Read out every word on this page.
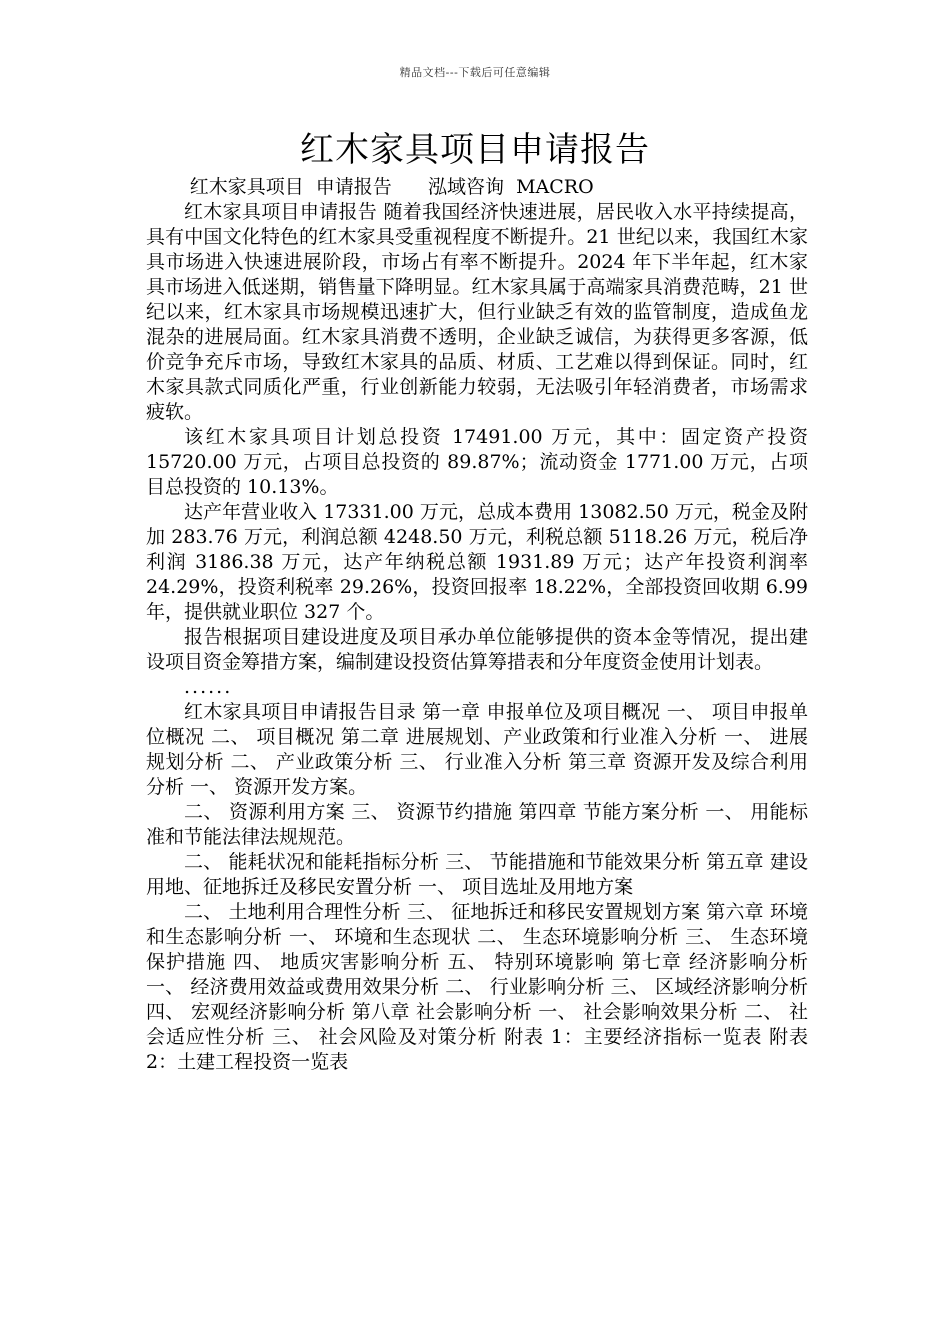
精品文档---下载后可任意编辑
红木家具项目申请报告

红木家具项目  申请报告      泓域咨询  MACRO

红木家具项目申请报告 随着我国经济快速进展，居民收入水平持续提高，具有中国文化特色的红木家具受重视程度不断提升。21 世纪以来，我国红木家具市场进入快速进展阶段，市场占有率不断提升。2024 年下半年起，红木家具市场进入低迷期，销售量下降明显。红木家具属于高端家具消费范畴，21 世纪以来，红木家具市场规模迅速扩大，但行业缺乏有效的监管制度，造成鱼龙混杂的进展局面。红木家具消费不透明，企业缺乏诚信，为获得更多客源，低价竞争充斥市场，导致红木家具的品质、材质、工艺难以得到保证。同时，红木家具款式同质化严重，行业创新能力较弱，无法吸引年轻消费者，市场需求疲软。

该红木家具项目计划总投资 17491.00 万元，其中：固定资产投资 15720.00 万元，占项目总投资的 89.87%；流动资金 1771.00 万元，占项目总投资的 10.13%。

达产年营业收入 17331.00 万元，总成本费用 13082.50 万元，税金及附加 283.76 万元，利润总额 4248.50 万元，利税总额 5118.26 万元，税后净利润 3186.38 万元，达产年纳税总额 1931.89 万元；达产年投资利润率 24.29%，投资利税率 29.26%，投资回报率 18.22%，全部投资回收期 6.99 年，提供就业职位 327 个。

报告根据项目建设进度及项目承办单位能够提供的资本金等情况，提出建设项目资金筹措方案，编制建设投资估算筹措表和分年度资金使用计划表。

......

红木家具项目申请报告目录 第一章 申报单位及项目概况 一、 项目申报单位概况 二、 项目概况 第二章 进展规划、产业政策和行业准入分析 一、 进展规划分析 二、 产业政策分析 三、 行业准入分析 第三章 资源开发及综合利用分析 一、 资源开发方案。

二、 资源利用方案 三、 资源节约措施 第四章 节能方案分析 一、 用能标准和节能法律法规规范。

二、 能耗状况和能耗指标分析 三、 节能措施和节能效果分析 第五章 建设用地、征地拆迁及移民安置分析 一、 项目选址及用地方案

二、 土地利用合理性分析 三、 征地拆迁和移民安置规划方案 第六章 环境和生态影响分析 一、 环境和生态现状 二、 生态环境影响分析 三、 生态环境保护措施 四、 地质灾害影响分析 五、 特别环境影响 第七章 经济影响分析 一、 经济费用效益或费用效果分析 二、 行业影响分析 三、 区域经济影响分析 四、 宏观经济影响分析 第八章 社会影响分析 一、 社会影响效果分析 二、 社会适应性分析 三、 社会风险及对策分析 附表 1：主要经济指标一览表 附表 2：土建工程投资一览表
